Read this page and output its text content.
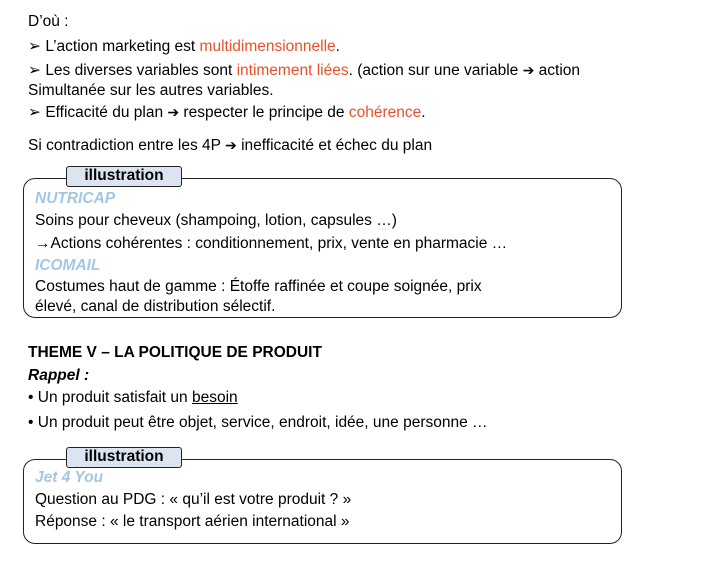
D’où :
➢ L’action marketing est multidimensionnelle.
➢ Les diverses variables sont intimement liées. (action sur une variable ➔ action
Simultanée sur les autres variables.
➢ Efficacité du plan ➔ respecter le principe de cohérence.
Si contradiction entre les 4P ➔ inefficacité et échec du plan
illustration
NUTRICAP
Soins pour cheveux (shampoing, lotion, capsules …)
→Actions cohérentes : conditionnement, prix, vente en pharmacie …
ICOMAIL
Costumes haut de gamme : Étoffe raffinée et coupe soignée, prix
élevé, canal de distribution sélectif.
THEME V – LA POLITIQUE DE PRODUIT
Rappel :
• Un produit satisfait un besoin
• Un produit peut être objet, service, endroit, idée, une personne …
illustration
Jet 4 You
Question au PDG : « qu’il est votre produit ? »
Réponse : « le transport aérien international »
